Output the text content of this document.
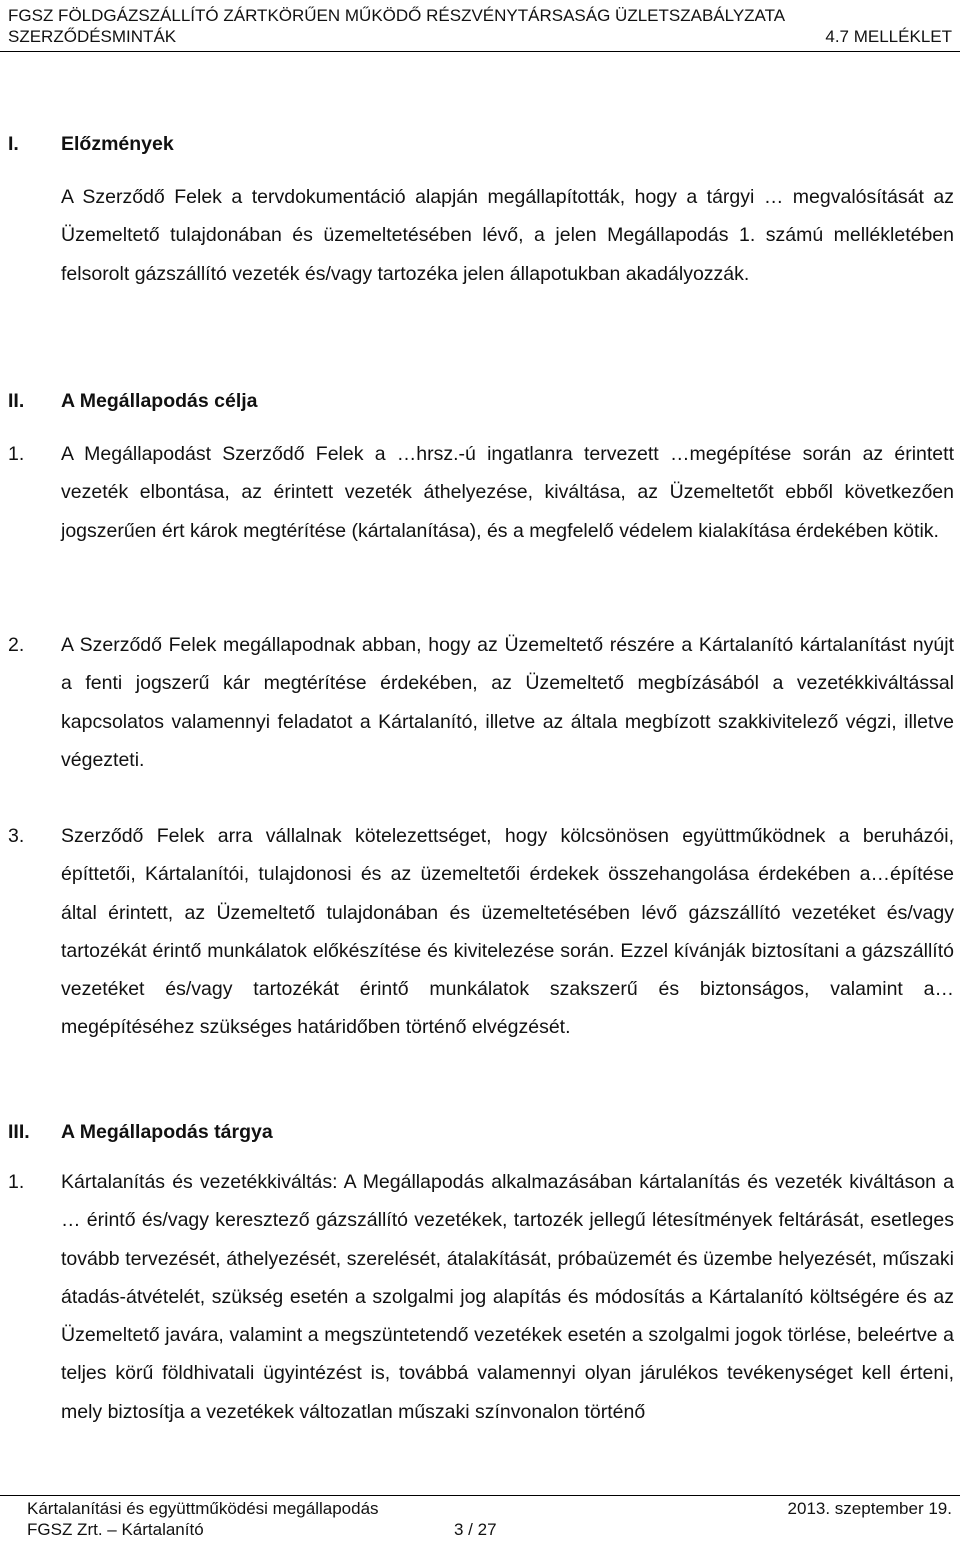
FGSZ FÖLDGÁZSZÁLLÍTÓ ZÁRTKÖRŰEN MŰKÖDŐ RÉSZVÉNYTÁRSASÁG ÜZLETSZABÁLYZATA
SZERZŐDÉSMINTÁK	4.7 MELLÉKLET
I. Előzmények
A Szerződő Felek a tervdokumentáció alapján megállapították, hogy a tárgyi … megvalósítását az Üzemeltető tulajdonában és üzemeltetésében lévő, a jelen Megállapodás 1. számú mellékletében felsorolt gázszállító vezeték és/vagy tartozéka jelen állapotukban akadályozzák.
II. A Megállapodás célja
1. A Megállapodást Szerződő Felek a …hrsz.-ú ingatlanra tervezett …megépítése során az érintett vezeték elbontása, az érintett vezeték áthelyezése, kiváltása, az Üzemeltetőt ebből következően jogszerűen ért károk megtérítése (kártalanítása), és a megfelelő védelem kialakítása érdekében kötik.
2. A Szerződő Felek megállapodnak abban, hogy az Üzemeltető részére a Kártalanító kártalanítást nyújt a fenti jogszerű kár megtérítése érdekében, az Üzemeltető megbízásából a vezetékkiváltással kapcsolatos valamennyi feladatot a Kártalanító, illetve az általa megbízott szakkivitelező végzi, illetve végezteti.
3. Szerződő Felek arra vállalnak kötelezettséget, hogy kölcsönösen együttműködnek a beruházói, építtetői, Kártalanítói, tulajdonosi és az üzemeltetői érdekek összehangolása érdekében a…építése által érintett, az Üzemeltető tulajdonában és üzemeltetésében lévő gázszállító vezetéket és/vagy tartozékát érintő munkálatok előkészítése és kivitelezése során. Ezzel kívánják biztosítani a gázszállító vezetéket és/vagy tartozékát érintő munkálatok szakszerű és biztonságos, valamint a… megépítéséhez szükséges határidőben történő elvégzését.
III. A Megállapodás tárgya
1. Kártalanítás és vezetékkiváltás: A Megállapodás alkalmazásában kártalanítás és vezeték kiváltáson a … érintő és/vagy keresztező gázszállító vezetékek, tartozék jellegű létesítmények feltárását, esetleges tovább tervezését, áthelyezését, szerelését, átalakítását, próbaüzemét és üzembe helyezését, műszaki átadás-átvételét, szükség esetén a szolgalmi jog alapítás és módosítás a Kártalanító költségére és az Üzemeltető javára, valamint a megszüntetendő vezetékek esetén a szolgalmi jogok törlése, beleértve a teljes körű földhivatali ügyintézést is, továbbá valamennyi olyan járulékos tevékenységet kell érteni, mely biztosítja a vezetékek változatlan műszaki színvonalon történő
Kártalanítási és együttműködési megállapodás	2013. szeptember 19.
FGSZ Zrt. – Kártalanító	3 / 27
